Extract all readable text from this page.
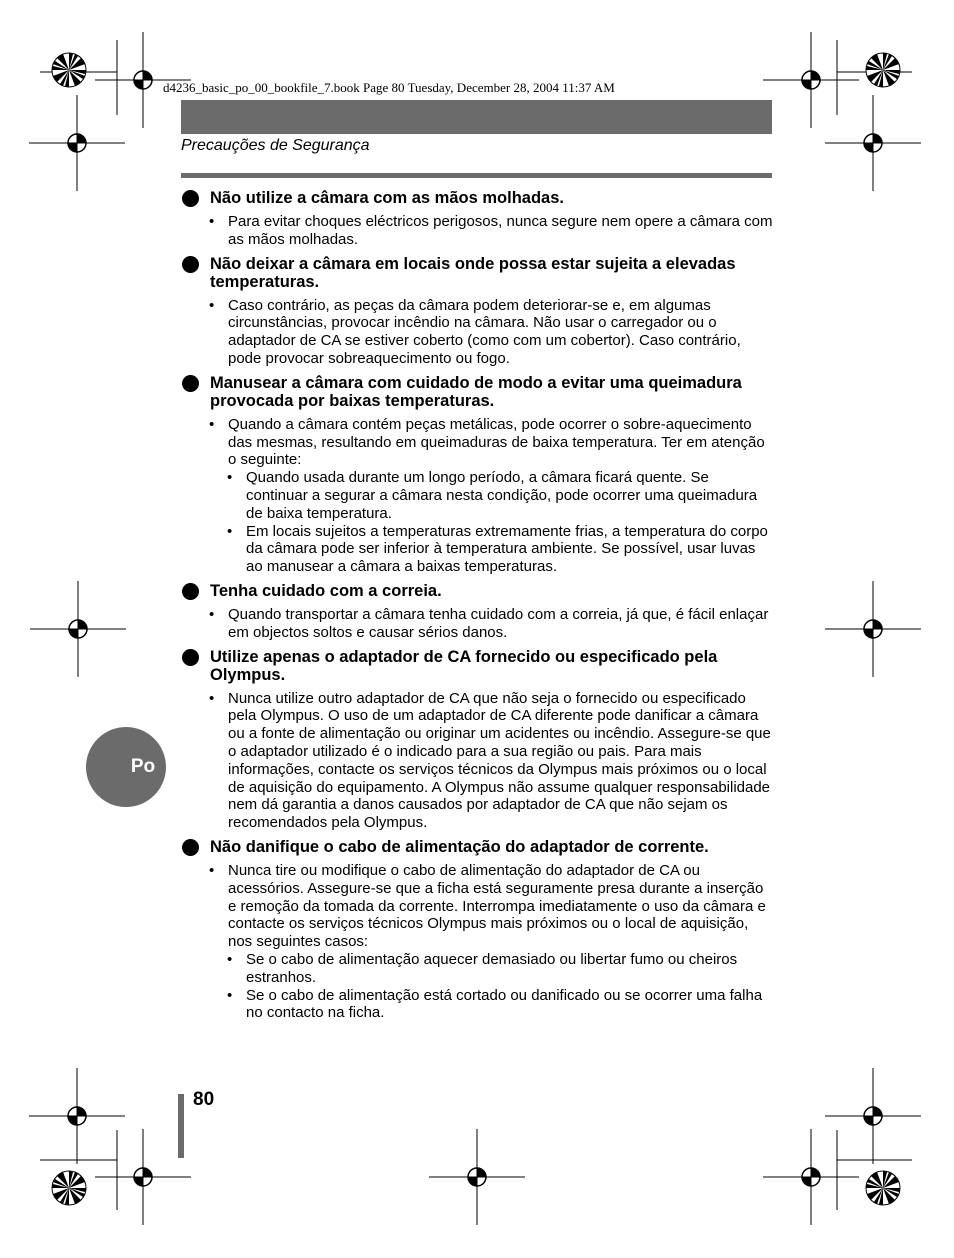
d4236_basic_po_00_bookfile_7.book Page 80 Tuesday, December 28, 2004 11:37 AM
Precauções de Segurança
Não utilize a câmara com as mãos molhadas.
• Para evitar choques eléctricos perigosos, nunca segure nem opere a câmara com as mãos molhadas.
Não deixar a câmara em locais onde possa estar sujeita a elevadas temperaturas.
• Caso contrário, as peças da câmara podem deteriorar-se e, em algumas circunstâncias, provocar incêndio na câmara. Não usar o carregador ou o adaptador de CA se estiver coberto (como com um cobertor). Caso contrário, pode provocar sobreaquecimento ou fogo.
Manusear a câmara com cuidado de modo a evitar uma queimadura provocada por baixas temperaturas.
• Quando a câmara contém peças metálicas, pode ocorrer o sobre-aquecimento das mesmas, resultando em queimaduras de baixa temperatura. Ter em atenção o seguinte:
• Quando usada durante um longo período, a câmara ficará quente. Se continuar a segurar a câmara nesta condição, pode ocorrer uma queimadura de baixa temperatura.
• Em locais sujeitos a temperaturas extremamente frias, a temperatura do corpo da câmara pode ser inferior à temperatura ambiente. Se possível, usar luvas ao manusear a câmara a baixas temperaturas.
Tenha cuidado com a correia.
• Quando transportar a câmara tenha cuidado com a correia, já que, é fácil enlaçar em objectos soltos e causar sérios danos.
Utilize apenas o adaptador de CA fornecido ou especificado pela Olympus.
• Nunca utilize outro adaptador de CA que não seja o fornecido ou especificado pela Olympus. O uso de um adaptador de CA diferente pode danificar a câmara ou a fonte de alimentação ou originar um acidentes ou incêndio. Assegure-se que o adaptador utilizado é o indicado para a sua região ou pais. Para mais informações, contacte os serviços técnicos da Olympus mais próximos ou o local de aquisição do equipamento. A Olympus não assume qualquer responsabilidade nem dá garantia a danos causados por adaptador de CA que não sejam os recomendados pela Olympus.
Não danifique o cabo de alimentação do adaptador de corrente.
• Nunca tire ou modifique o cabo de alimentação do adaptador de CA ou acessórios. Assegure-se que a ficha está seguramente presa durante a inserção e remoção da tomada da corrente. Interrompa imediatamente o uso da câmara e contacte os serviços técnicos Olympus mais próximos ou o local de aquisição, nos seguintes casos:
• Se o cabo de alimentação aquecer demasiado ou libertar fumo ou cheiros estranhos.
• Se o cabo de alimentação está cortado ou danificado ou se ocorrer uma falha no contacto na ficha.
Po
80
